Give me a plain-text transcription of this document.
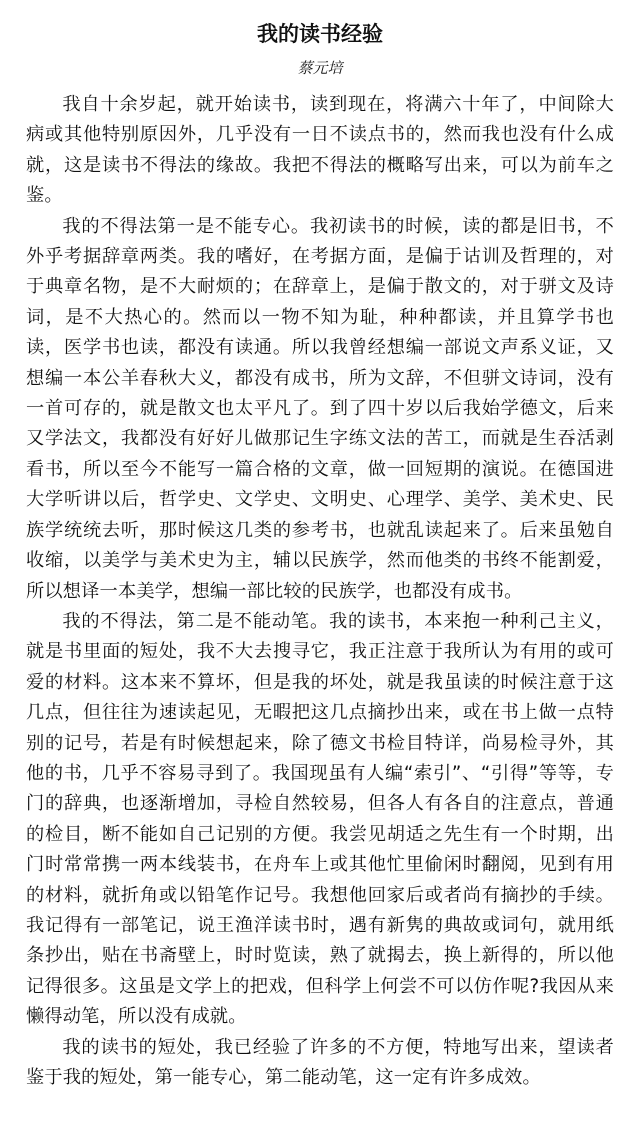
我的读书经验
蔡元培

我自十余岁起，就开始读书，读到现在，将满六十年了，中间除大病或其他特别原因外，几乎没有一日不读点书的，然而我也没有什么成就，这是读书不得法的缘故。我把不得法的概略写出来，可以为前车之鉴。

我的不得法第一是不能专心。我初读书的时候，读的都是旧书，不外乎考据辞章两类。我的嗜好，在考据方面，是偏于诂训及哲理的，对于典章名物，是不大耐烦的；在辞章上，是偏于散文的，对于骈文及诗词，是不大热心的。然而以一物不知为耻，种种都读，并且算学书也读，医学书也读，都没有读通。所以我曾经想编一部说文声系义证，又想编一本公羊春秋大义，都没有成书，所为文辞，不但骈文诗词，没有一首可存的，就是散文也太平凡了。到了四十岁以后我始学德文，后来又学法文，我都没有好好儿做那记生字练文法的苦工，而就是生吞活剥看书，所以至今不能写一篇合格的文章，做一回短期的演说。在德国进大学听讲以后，哲学史、文学史、文明史、心理学、美学、美术史、民族学统统去听，那时候这几类的参考书，也就乱读起来了。后来虽勉自收缩，以美学与美术史为主，辅以民族学，然而他类的书终不能割爱，所以想译一本美学，想编一部比较的民族学，也都没有成书。

我的不得法，第二是不能动笔。我的读书，本来抱一种利己主义，就是书里面的短处，我不大去搜寻它，我正注意于我所认为有用的或可爱的材料。这本来不算坏，但是我的坏处，就是我虽读的时候注意于这几点，但往往为速读起见，无暇把这几点摘抄出来，或在书上做一点特别的记号，若是有时候想起来，除了德文书检目特详，尚易检寻外，其他的书，几乎不容易寻到了。我国现虽有人编“索引”、“引得”等等，专门的辞典，也逐渐增加，寻检自然较易，但各人有各自的注意点，普通的检目，断不能如自己记别的方便。我尝见胡适之先生有一个时期，出门时常常携一两本线装书，在舟车上或其他忙里偷闲时翻阅，见到有用的材料，就折角或以铅笔作记号。我想他回家后或者尚有摘抄的手续。我记得有一部笔记，说王渔洋读书时，遇有新隽的典故或词句，就用纸条抄出，贴在书斋壁上，时时览读，熟了就揭去，换上新得的，所以他记得很多。这虽是文学上的把戏，但科学上何尝不可以仿作呢?我因从来懒得动笔，所以没有成就。

我的读书的短处，我已经验了许多的不方便，特地写出来，望读者鉴于我的短处，第一能专心，第二能动笔，这一定有许多成效。
